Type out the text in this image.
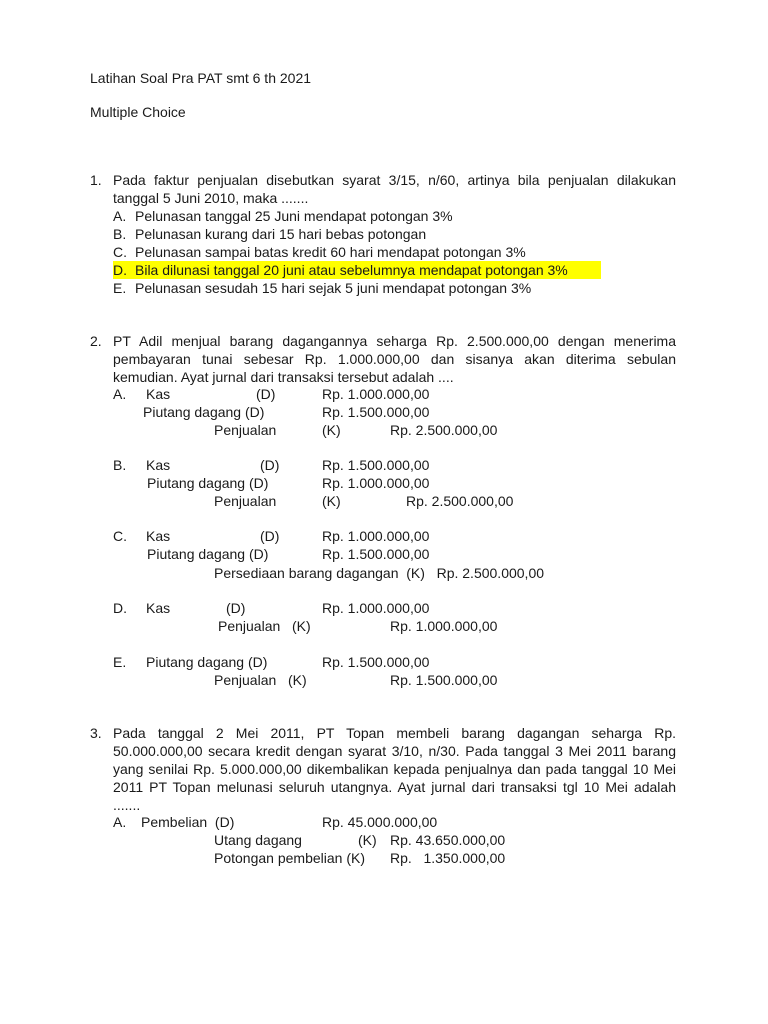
Latihan Soal Pra PAT smt 6 th 2021
Multiple Choice
1. Pada faktur penjualan disebutkan syarat 3/15, n/60, artinya bila penjualan dilakukan tanggal 5 Juni 2010, maka .......
A. Pelunasan tanggal 25 Juni mendapat potongan 3%
B. Pelunasan kurang dari 15 hari bebas potongan
C. Pelunasan sampai batas kredit 60 hari mendapat potongan 3%
D. Bila dilunasi tanggal 20 juni atau sebelumnya mendapat potongan 3%
E. Pelunasan sesudah 15 hari sejak 5 juni mendapat potongan 3%
2. PT Adil menjual barang dagangannya seharga Rp. 2.500.000,00 dengan menerima pembayaran tunai sebesar Rp. 1.000.000,00 dan sisanya akan diterima sebulan kemudian. Ayat jurnal dari transaksi tersebut adalah ....
A. Kas	(D)	Rp. 1.000.000,00
Piutang dagang (D)	Rp. 1.500.000,00
Penjualan	(K)	Rp. 2.500.000,00
B. Kas	(D)	Rp. 1.500.000,00
Piutang dagang (D)	Rp. 1.000.000,00
Penjualan	(K)	Rp. 2.500.000,00
C. Kas	(D)	Rp. 1.000.000,00
Piutang dagang (D)	Rp. 1.500.000,00
Persediaan barang dagangan  (K)   Rp. 2.500.000,00
D. Kas	(D)	Rp. 1.000.000,00
Penjualan   (K)	Rp. 1.000.000,00
E. Piutang dagang (D)	Rp. 1.500.000,00
Penjualan   (K)	Rp. 1.500.000,00
3. Pada tanggal 2 Mei 2011, PT Topan membeli barang dagangan seharga Rp. 50.000.000,00 secara kredit dengan syarat 3/10, n/30. Pada tanggal 3 Mei 2011 barang yang senilai Rp. 5.000.000,00 dikembalikan kepada penjualnya dan pada tanggal 10 Mei 2011 PT Topan melunasi seluruh utangnya. Ayat jurnal dari transaksi tgl 10 Mei adalah .......
A. Pembelian  (D)	Rp. 45.000.000,00
Utang dagang	(K) Rp. 43.650.000,00
Potongan pembelian (K) Rp.   1.350.000,00
